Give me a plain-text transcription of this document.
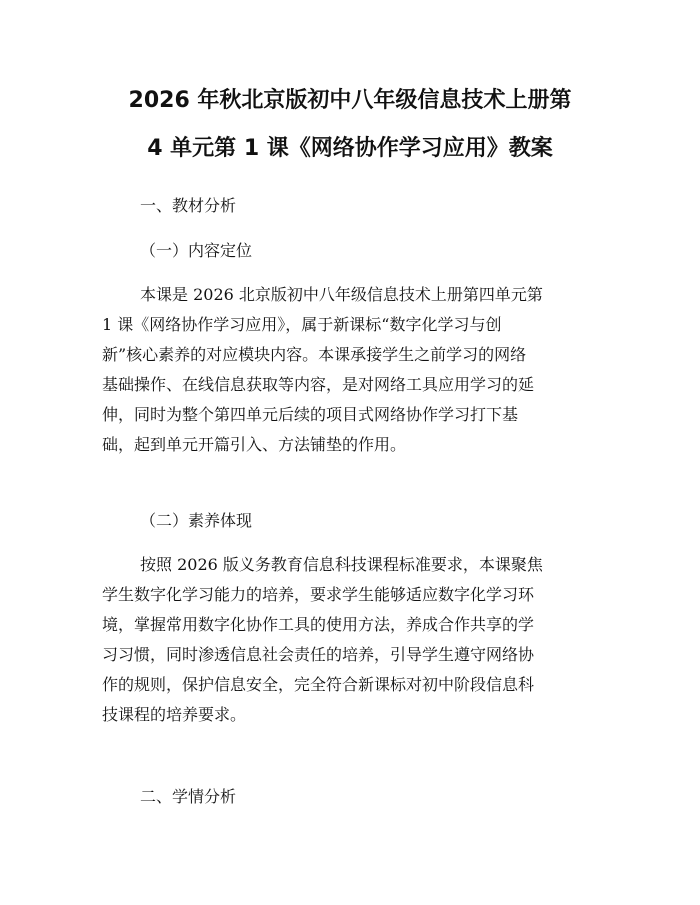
2026 年秋北京版初中八年级信息技术上册第
4 单元第 1 课《网络协作学习应用》教案
一、教材分析
（一）内容定位
本课是 2026 北京版初中八年级信息技术上册第四单元第
1 课《网络协作学习应用》，属于新课标“数字化学习与创
新”核心素养的对应模块内容。本课承接学生之前学习的网络
基础操作、在线信息获取等内容，是对网络工具应用学习的延
伸，同时为整个第四单元后续的项目式网络协作学习打下基
础，起到单元开篇引入、方法铺垫的作用。
（二）素养体现
按照 2026 版义务教育信息科技课程标准要求，本课聚焦
学生数字化学习能力的培养，要求学生能够适应数字化学习环
境，掌握常用数字化协作工具的使用方法，养成合作共享的学
习习惯，同时渗透信息社会责任的培养，引导学生遵守网络协
作的规则，保护信息安全，完全符合新课标对初中阶段信息科
技课程的培养要求。
二、学情分析
